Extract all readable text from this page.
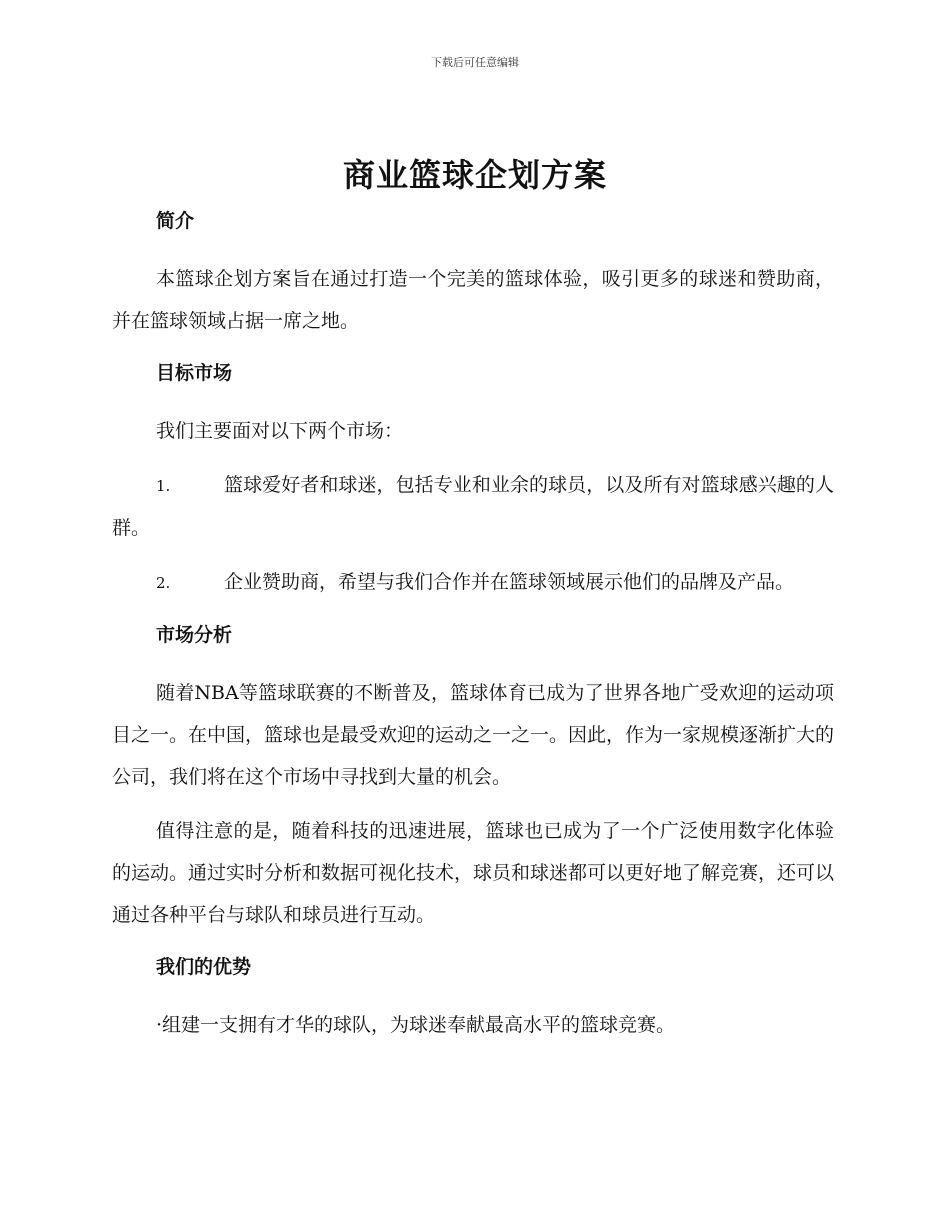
下载后可任意编辑
商业篮球企划方案
简介

本篮球企划方案旨在通过打造一个完美的篮球体验，吸引更多的球迷和赞助商，并在篮球领域占据一席之地。

目标市场

我们主要面对以下两个市场：

1.	篮球爱好者和球迷，包括专业和业余的球员，以及所有对篮球感兴趣的人群。

2.	企业赞助商，希望与我们合作并在篮球领域展示他们的品牌及产品。

市场分析

随着NBA等篮球联赛的不断普及，篮球体育已成为了世界各地广受欢迎的运动项目之一。在中国，篮球也是最受欢迎的运动之一之一。因此，作为一家规模逐渐扩大的公司，我们将在这个市场中寻找到大量的机会。

值得注意的是，随着科技的迅速进展，篮球也已成为了一个广泛使用数字化体验的运动。通过实时分析和数据可视化技术，球员和球迷都可以更好地了解竞赛，还可以通过各种平台与球队和球员进行互动。

我们的优势

·组建一支拥有才华的球队，为球迷奉献最高水平的篮球竞赛。
